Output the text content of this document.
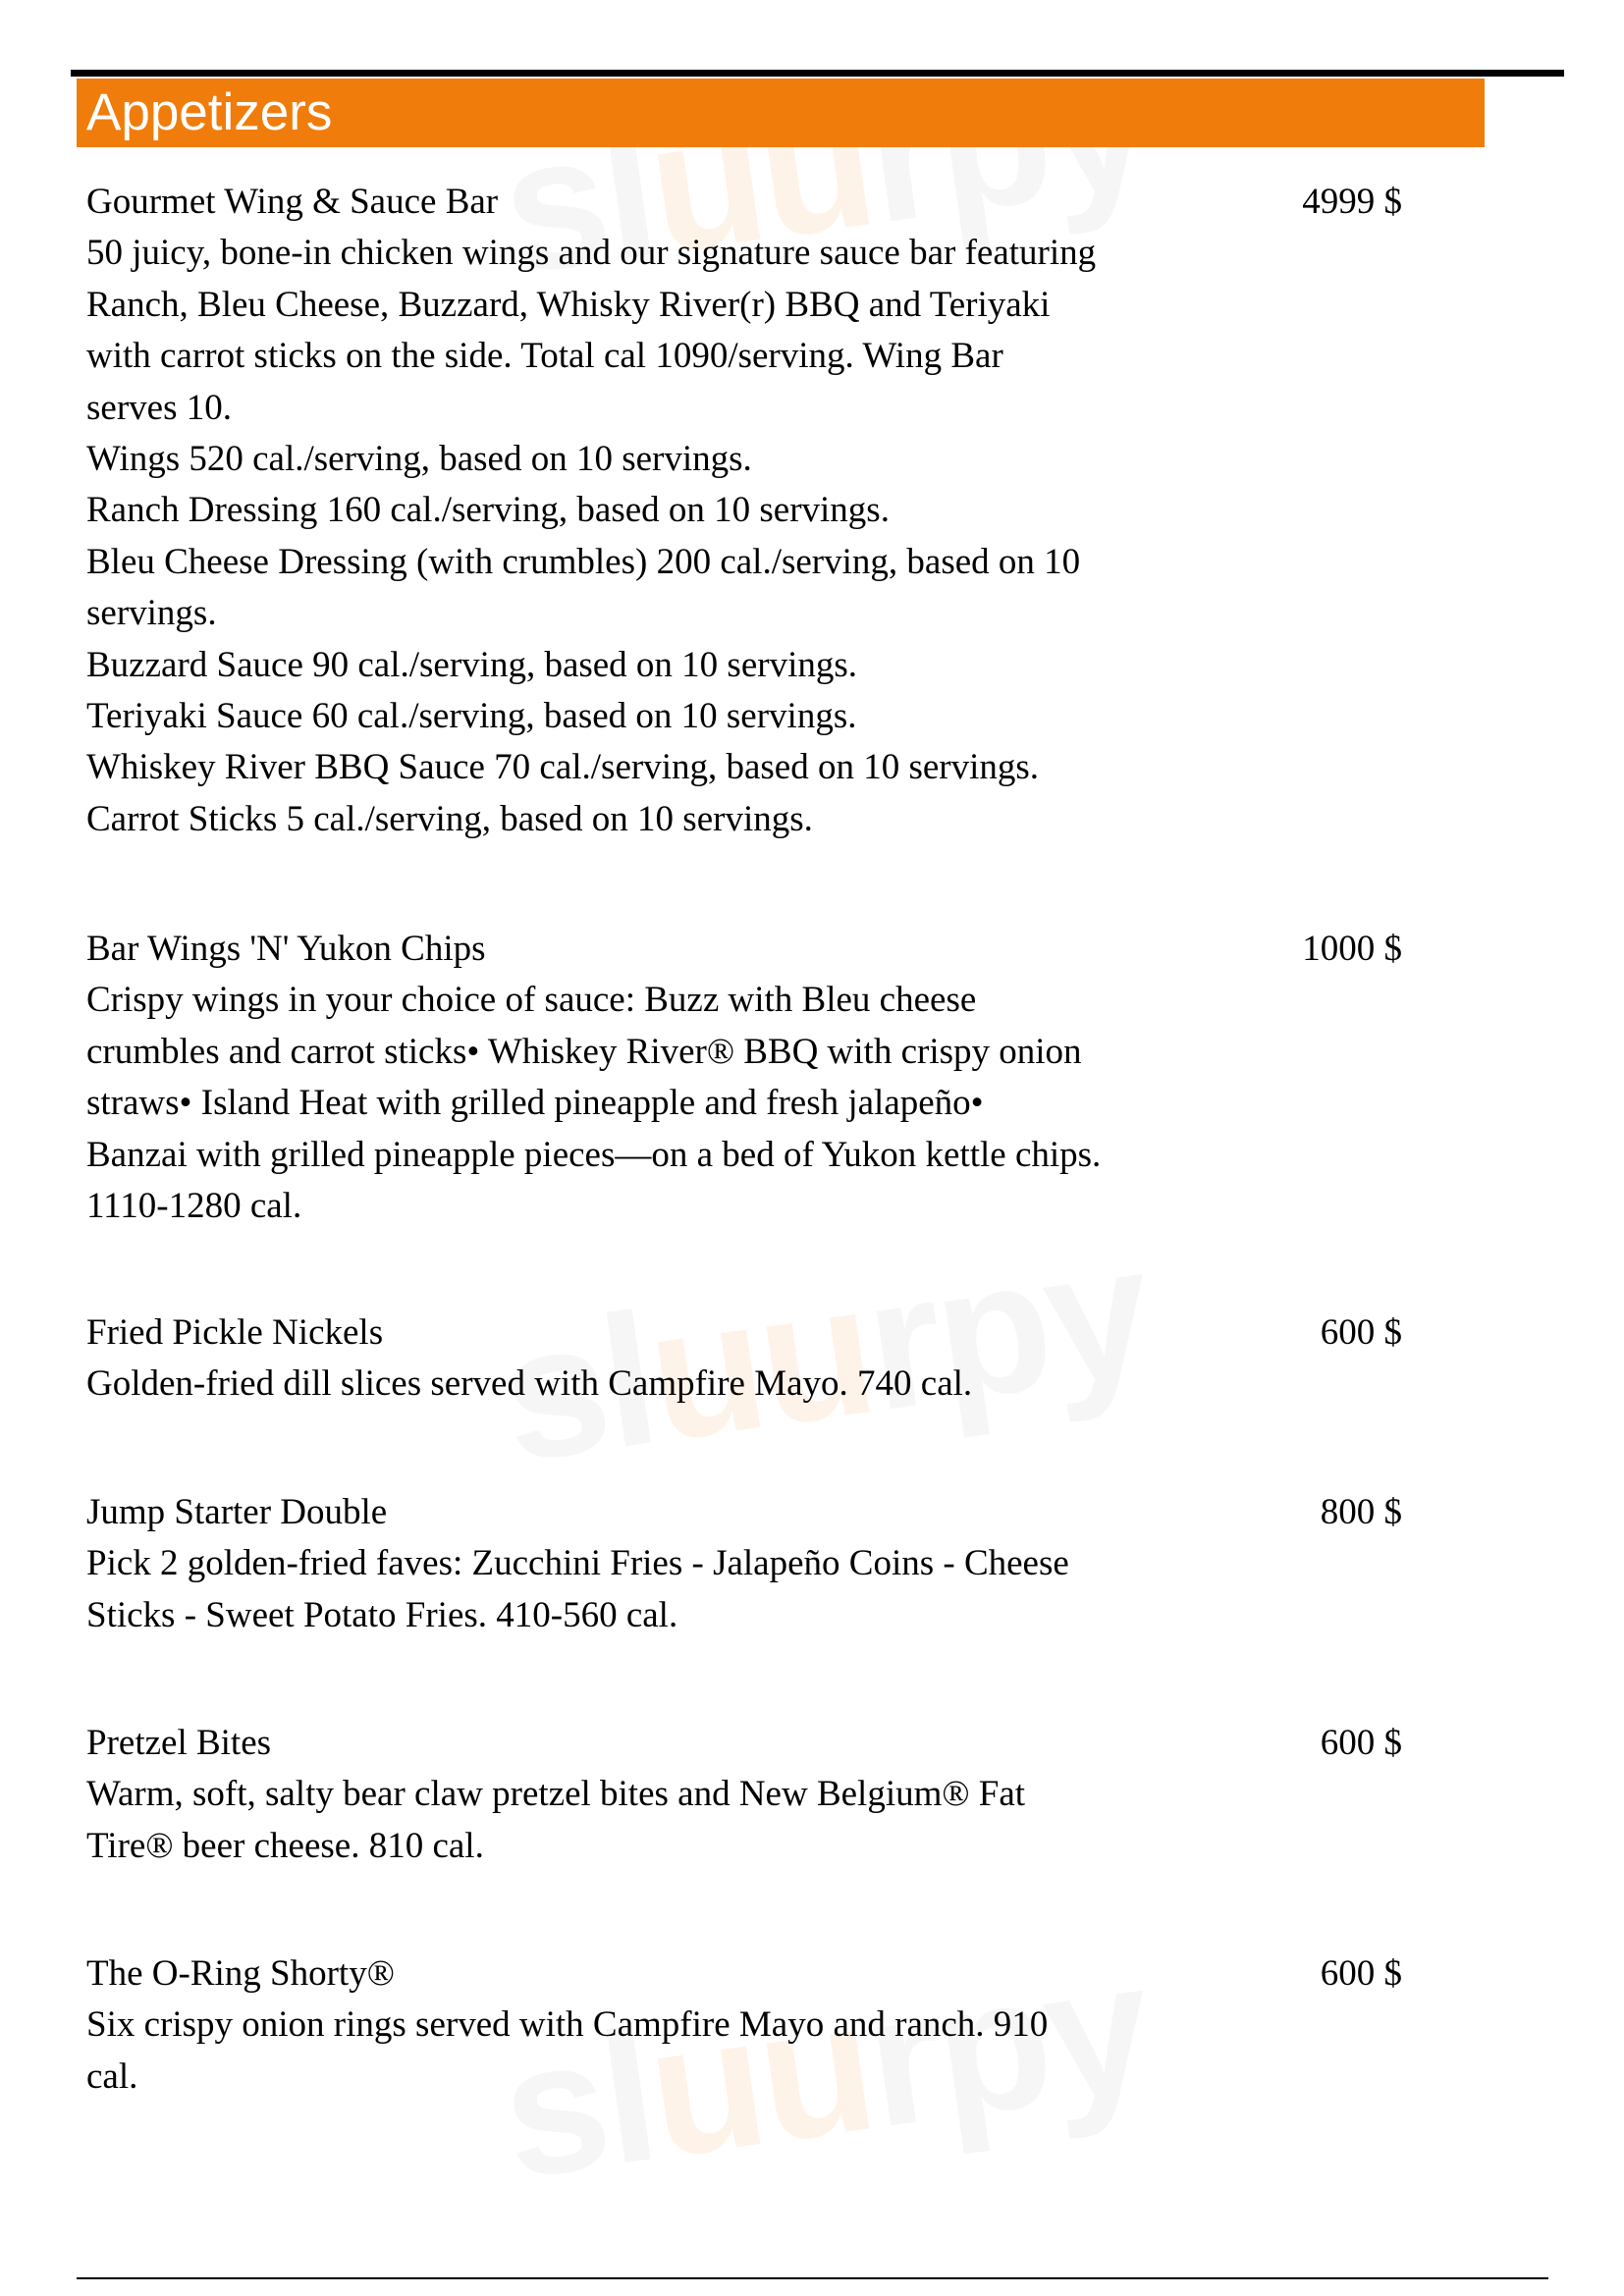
sluu
sluurpy
sluurpy
Appetizers
Gourmet Wing & Sauce Bar	4999 $
50 juicy, bone-in chicken wings and our signature sauce bar featuring
Ranch, Bleu Cheese, Buzzard, Whisky River(r) BBQ and Teriyaki
with carrot sticks on the side. Total cal 1090/serving. Wing Bar
serves 10.
Wings 520 cal./serving, based on 10 servings.
Ranch Dressing 160 cal./serving, based on 10 servings.
Bleu Cheese Dressing (with crumbles) 200 cal./serving, based on 10
servings.
Buzzard Sauce 90 cal./serving, based on 10 servings.
Teriyaki Sauce 60 cal./serving, based on 10 servings.
Whiskey River BBQ Sauce 70 cal./serving, based on 10 servings.
Carrot Sticks 5 cal./serving, based on 10 servings.
Bar Wings 'N' Yukon Chips	1000 $
Crispy wings in your choice of sauce: Buzz with Bleu cheese
crumbles and carrot sticks• Whiskey River® BBQ with crispy onion
straws• Island Heat with grilled pineapple and fresh jalapeño•
Banzai with grilled pineapple pieces—on a bed of Yukon kettle chips.
1110-1280 cal.
Fried Pickle Nickels	600 $
Golden-fried dill slices served with Campfire Mayo. 740 cal.
Jump Starter Double	800 $
Pick 2 golden-fried faves: Zucchini Fries - Jalapeño Coins - Cheese
Sticks - Sweet Potato Fries. 410-560 cal.
Pretzel Bites	600 $
Warm, soft, salty bear claw pretzel bites and New Belgium® Fat
Tire® beer cheese. 810 cal.
The O-Ring Shorty®	600 $
Six crispy onion rings served with Campfire Mayo and ranch. 910
cal.
